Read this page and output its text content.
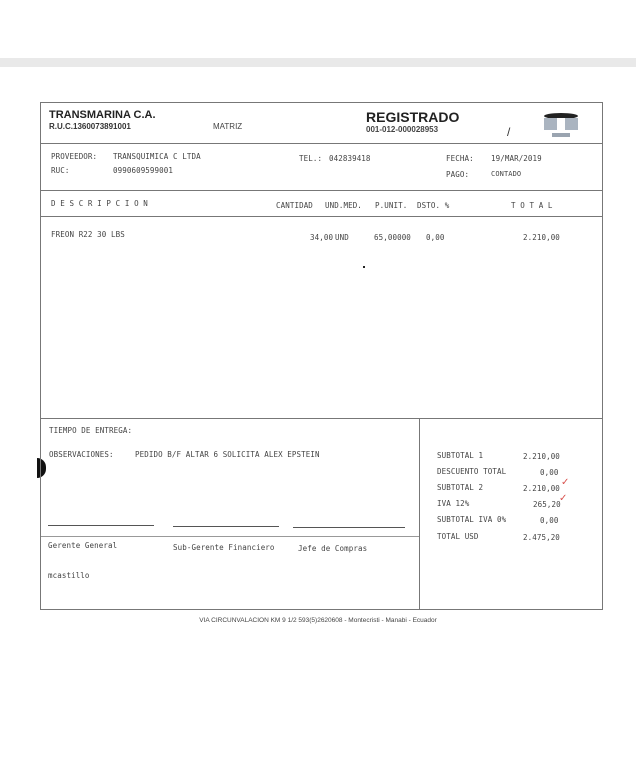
TRANSMARINA C.A.
R.U.C.1360073891001	MATRIZ
REGISTRADO
001-012-000028953	/
PROVEEDOR: TRANSQUIMICA C LTDA
RUC:	0990609599001
TEL.: 042839418	FECHA: 19/MAR/2019
PAGO:	CONTADO
D E S C R I P C I O N	CANTIDAD UND.MED. P.UNIT. DSTO. %	T O T A L
FREON R22 30 LBS	34,00 UND	65,00000 0,00	2.210,00
TIEMPO DE ENTREGA:
OBSERVACIONES:	PEDIDO B/F ALTAR 6 SOLICITA ALEX EPSTEIN
Gerente General	Sub-Gerente Financiero	Jefe de Compras
mcastillo
SUBTOTAL 1	2.210,00
DESCUENTO TOTAL	0,00
SUBTOTAL 2	2.210,00
✓
IVA 12%	265,20
✓
SUBTOTAL IVA 0%	0,00
TOTAL USD	2.475,20
VIA CIRCUNVALACION KM 9 1/2 593(5)2620608 - Montecristi - Manabi - Ecuador
